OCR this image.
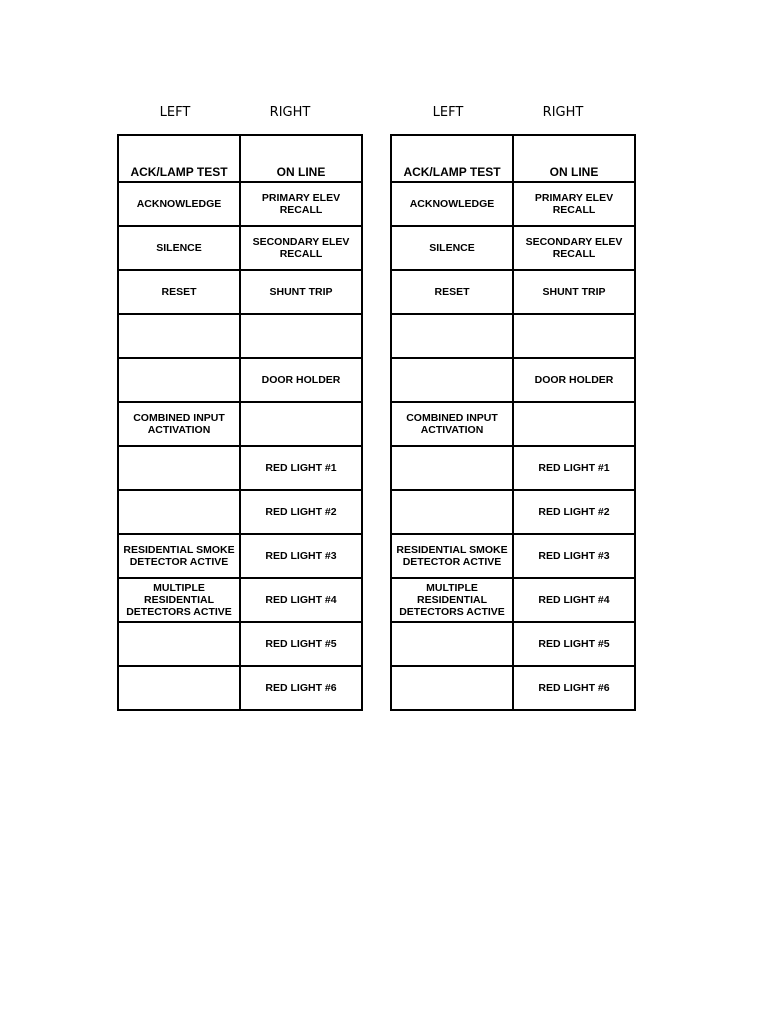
LEFT	RIGHT	LEFT	RIGHT
ACK/LAMP TEST	ON LINE
ACKNOWLEDGE	PRIMARY ELEV RECALL
SILENCE	SECONDARY ELEV RECALL
RESET	SHUNT TRIP

	DOOR HOLDER
COMBINED INPUT ACTIVATION	
	RED LIGHT #1
	RED LIGHT #2
RESIDENTIAL SMOKE DETECTOR ACTIVE	RED LIGHT #3
MULTIPLE RESIDENTIAL DETECTORS ACTIVE	RED LIGHT #4
	RED LIGHT #5
	RED LIGHT #6
ACK/LAMP TEST	ON LINE
ACKNOWLEDGE	PRIMARY ELEV RECALL
SILENCE	SECONDARY ELEV RECALL
RESET	SHUNT TRIP

	DOOR HOLDER
COMBINED INPUT ACTIVATION	
	RED LIGHT #1
	RED LIGHT #2
RESIDENTIAL SMOKE DETECTOR ACTIVE	RED LIGHT #3
MULTIPLE RESIDENTIAL DETECTORS ACTIVE	RED LIGHT #4
	RED LIGHT #5
	RED LIGHT #6
